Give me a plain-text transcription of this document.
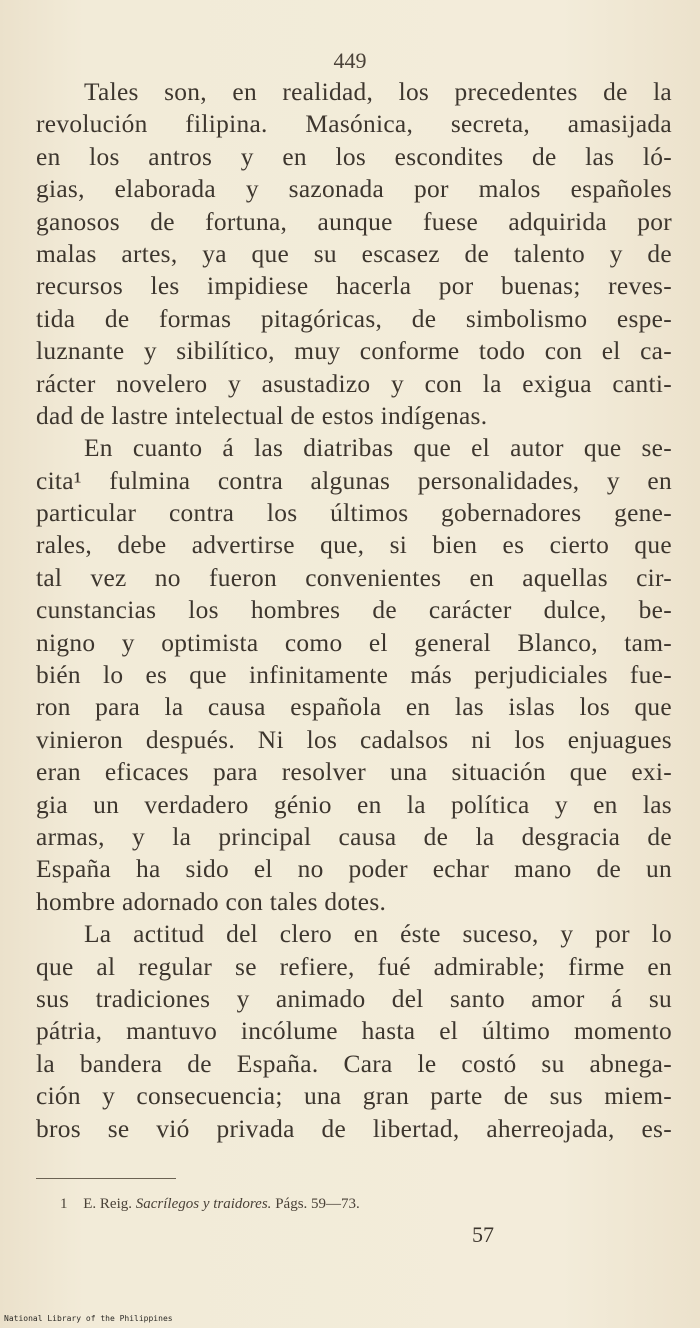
449
Tales son, en realidad, los precedentes de la
revolución filipina. Masónica, secreta, amasijada
en los antros y en los escondites de las ló-
gias, elaborada y sazonada por malos españoles
ganosos de fortuna, aunque fuese adquirida por
malas artes, ya que su escasez de talento y de
recursos les impidiese hacerla por buenas; reves-
tida de formas pitagóricas, de simbolismo espe-
luznante y sibilítico, muy conforme todo con el ca-
rácter novelero y asustadizo y con la exigua canti-
dad de lastre intelectual de estos indígenas.
En cuanto á las diatribas que el autor que se-
cita¹ fulmina contra algunas personalidades, y en
particular contra los últimos gobernadores gene-
rales, debe advertirse que, si bien es cierto que
tal vez no fueron convenientes en aquellas cir-
cunstancias los hombres de carácter dulce, be-
nigno y optimista como el general Blanco, tam-
bién lo es que infinitamente más perjudiciales fue-
ron para la causa española en las islas los que
vinieron después. Ni los cadalsos ni los enjuagues
eran eficaces para resolver una situación que exi-
gia un verdadero génio en la política y en las
armas, y la principal causa de la desgracia de
España ha sido el no poder echar mano de un
hombre adornado con tales dotes.
La actitud del clero en éste suceso, y por lo
que al regular se refiere, fué admirable; firme en
sus tradiciones y animado del santo amor á su
pátria, mantuvo incólume hasta el último momento
la bandera de España. Cara le costó su abnega-
ción y consecuencia; una gran parte de sus miem-
bros se vió privada de libertad, aherreojada, es-
1 E. Reig. Sacrílegos y traidores. Págs. 59—73.
57
National Library of the Philippines
